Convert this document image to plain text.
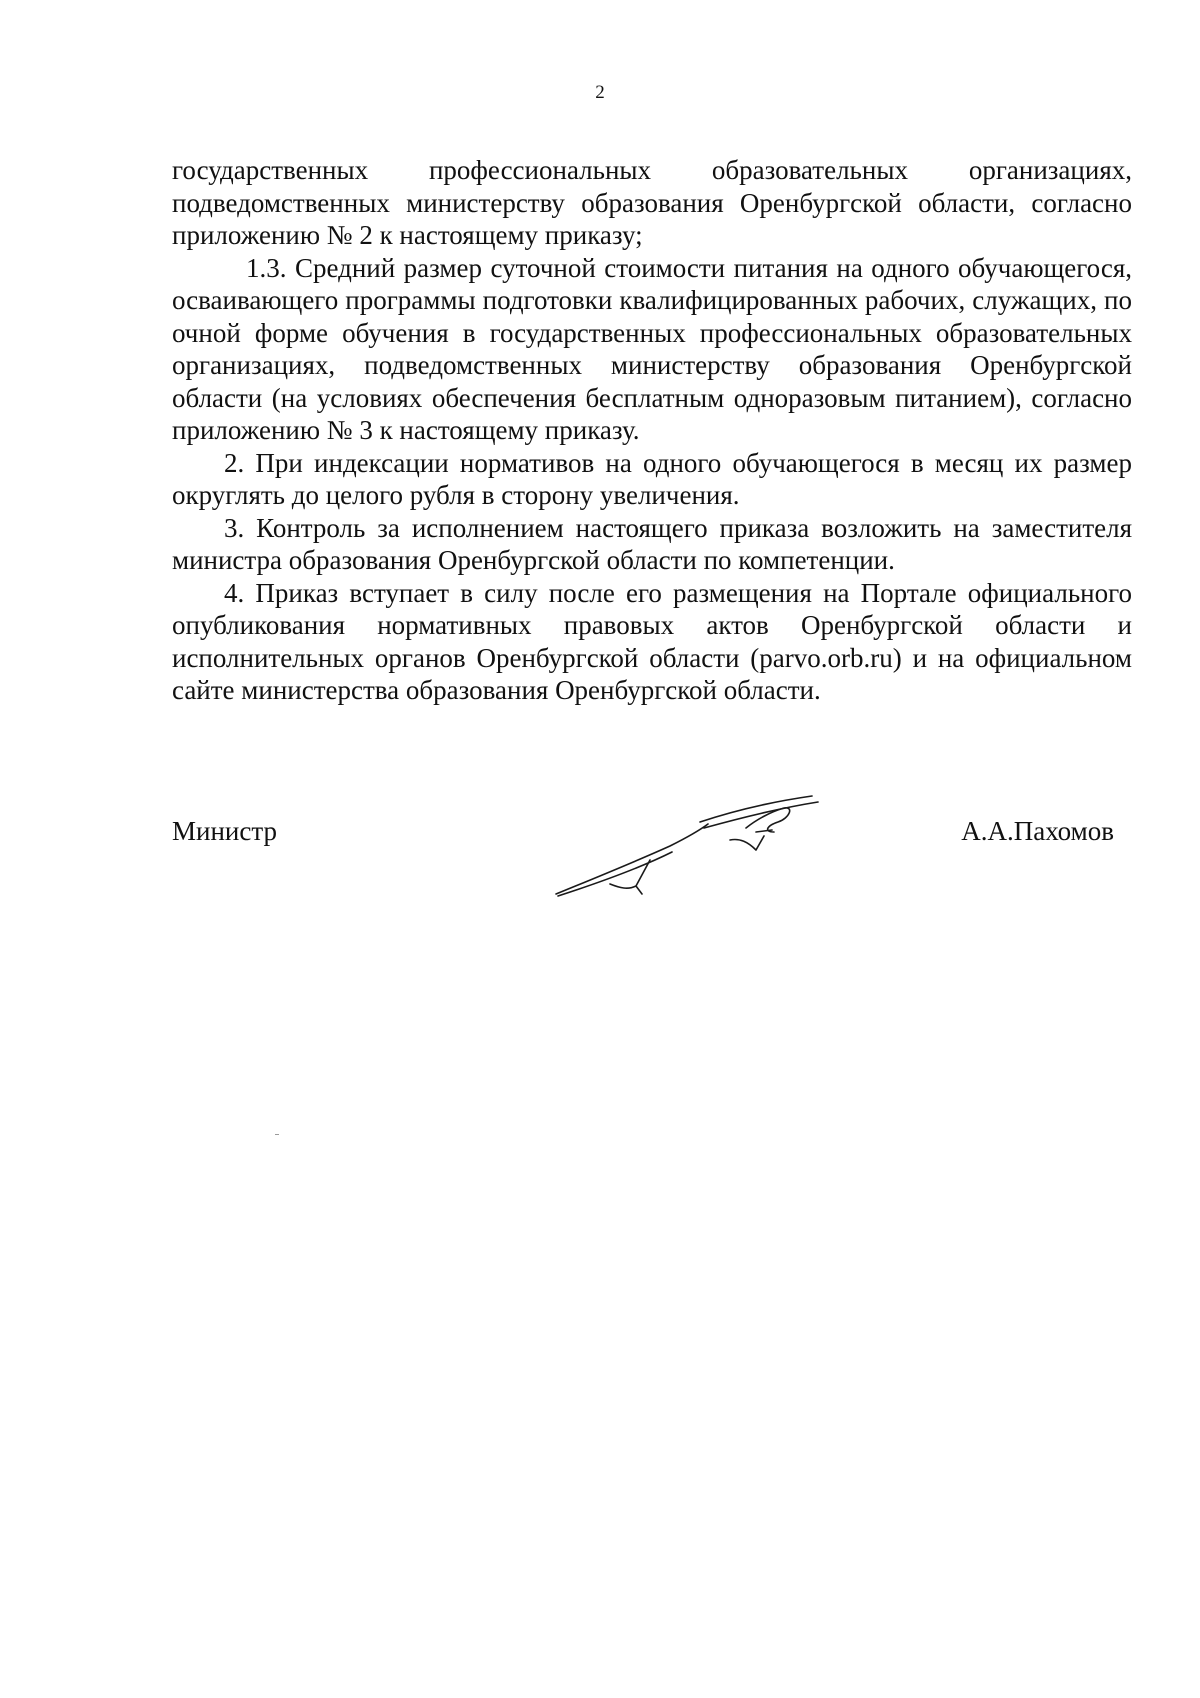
2

государственных профессиональных образовательных организациях, подведомственных министерству образования Оренбургской области, согласно приложению № 2 к настоящему приказу;

1.3. Средний размер суточной стоимости питания на одного обучающегося, осваивающего программы подготовки квалифицированных рабочих, служащих, по очной форме обучения в государственных профессиональных образовательных организациях, подведомственных министерству образования Оренбургской области (на условиях обеспечения бесплатным одноразовым питанием), согласно приложению № 3 к настоящему приказу.

2. При индексации нормативов на одного обучающегося в месяц их размер округлять до целого рубля в сторону увеличения.

3. Контроль за исполнением настоящего приказа возложить на заместителя министра образования Оренбургской области по компетенции.

4. Приказ вступает в силу после его размещения на Портале официального опубликования нормативных правовых актов Оренбургской области и исполнительных органов Оренбургской области (parvo.orb.ru) и на официальном сайте министерства образования Оренбургской области.

Министр	А.А.Пахомов
